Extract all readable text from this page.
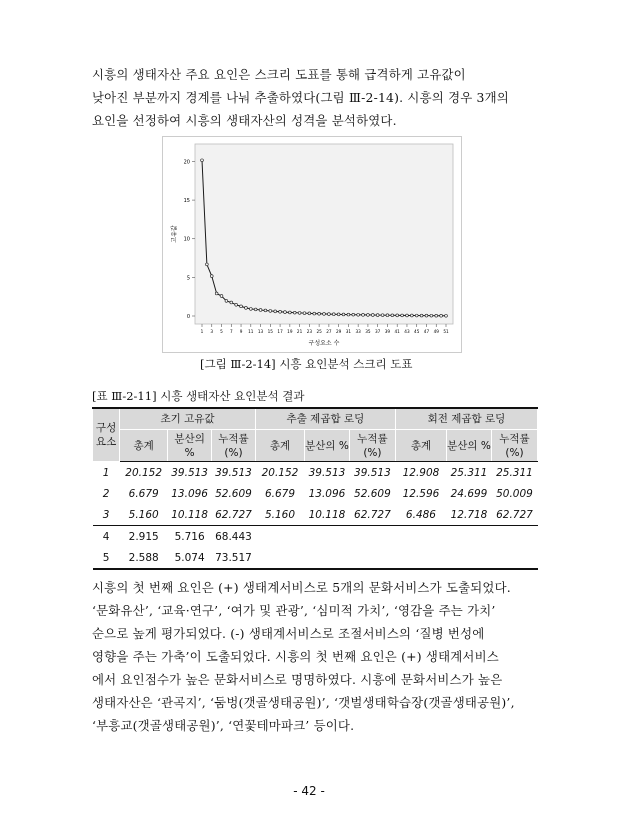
시흥의 생태자산 주요 요인은 스크리 도표를 통해 급격하게 고유값이
낮아진 부분까지 경계를 나눠 추출하였다(그림 Ⅲ-2-14). 시흥의 경우 3개의
요인을 선정하여 시흥의 생태자산의 성격을 분석하였다.
0
5
10
15
20
1 3 5 7 9 11 13 15 17 19 21 23 25 27 29 31 33 35 37 39 41 43 45 47 49 51
고유값
구성요소 수
[그림 Ⅲ-2-14] 시흥 요인분석 스크리 도표
[표 Ⅲ-2-11] 시흥 생태자산 요인분석 결과
구성 요소	초기 고유값			추출 제곱합 로딩			회전 제곱합 로딩		
	총계	분산의 %	누적률 (%)	총계	분산의 %	누적률 (%)	총계	분산의 %	누적률 (%)
1	20.152	39.513	39.513	20.152	39.513	39.513	12.908	25.311	25.311
2	6.679	13.096	52.609	6.679	13.096	52.609	12.596	24.699	50.009
3	5.160	10.118	62.727	5.160	10.118	62.727	6.486	12.718	62.727
4	2.915	5.716	68.443						
5	2.588	5.074	73.517						
시흥의 첫 번째 요인은 (+) 생태계서비스로 5개의 문화서비스가 도출되었다.
‘문화유산’, ‘교육·연구’, ‘여가 및 관광’, ‘심미적 가치’, ‘영감을 주는 가치’
순으로 높게 평가되었다. (-) 생태계서비스로 조절서비스의 ‘질병 번성에
영향을 주는 가축’이 도출되었다. 시흥의 첫 번째 요인은 (+) 생태계서비스
에서 요인점수가 높은 문화서비스로 명명하였다. 시흥에 문화서비스가 높은
생태자산은 ‘관곡지’, ‘둠벙(갯골생태공원)’, ‘갯벌생태학습장(갯골생태공원)’,
‘부흥교(갯골생태공원)’, ‘연꽃테마파크’ 등이다.
- 42 -
